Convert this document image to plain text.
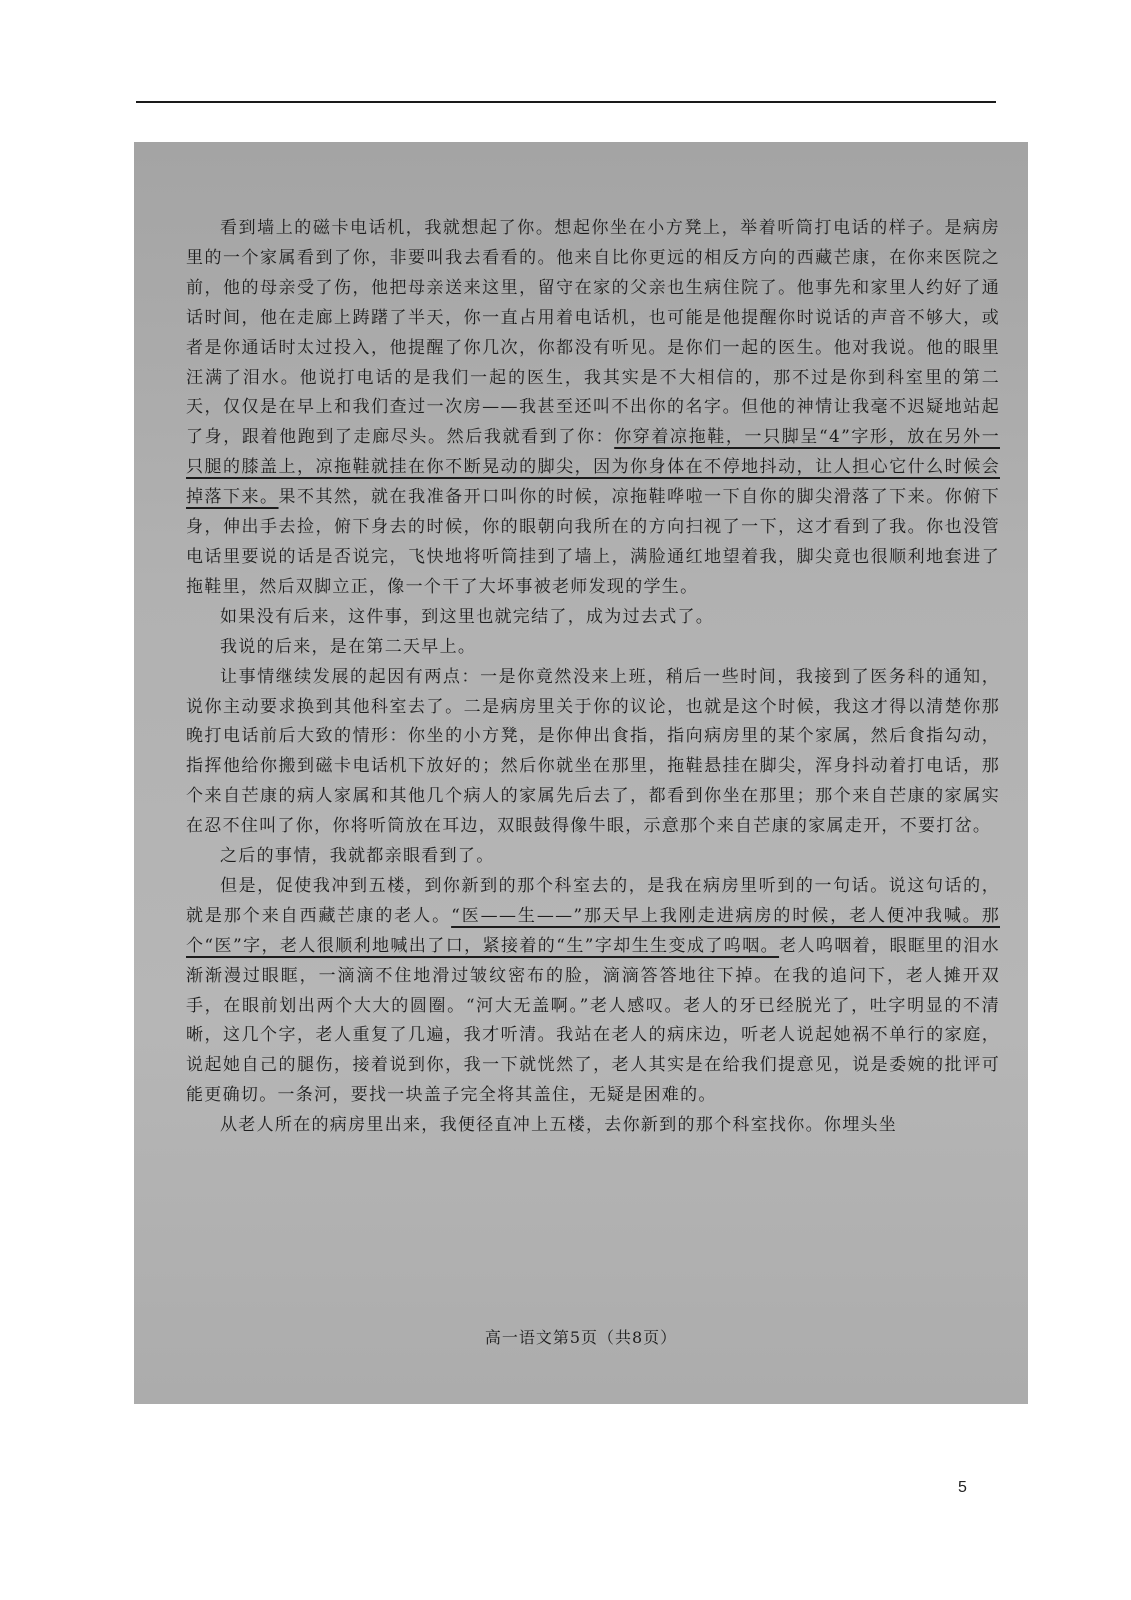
看到墙上的磁卡电话机，我就想起了你。想起你坐在小方凳上，举着听筒打电话的样子。是病房里的一个家属看到了你，非要叫我去看看的。他来自比你更远的相反方向的西藏芒康，在你来医院之前，他的母亲受了伤，他把母亲送来这里，留守在家的父亲也生病住院了。他事先和家里人约好了通话时间，他在走廊上踌躇了半天，你一直占用着电话机，也可能是他提醒你时说话的声音不够大，或者是你通话时太过投入，他提醒了你几次，你都没有听见。是你们一起的医生。他对我说。他的眼里汪满了泪水。他说打电话的是我们一起的医生，我其实是不大相信的，那不过是你到科室里的第二天，仅仅是在早上和我们查过一次房——我甚至还叫不出你的名字。但他的神情让我毫不迟疑地站起了身，跟着他跑到了走廊尽头。然后我就看到了你：你穿着凉拖鞋，一只脚呈“4”字形，放在另外一只腿的膝盖上，凉拖鞋就挂在你不断晃动的脚尖，因为你身体在不停地抖动，让人担心它什么时候会掉落下来。果不其然，就在我准备开口叫你的时候，凉拖鞋哗啦一下自你的脚尖滑落了下来。你俯下身，伸出手去捡，俯下身去的时候，你的眼朝向我所在的方向扫视了一下，这才看到了我。你也没管电话里要说的话是否说完，飞快地将听筒挂到了墙上，满脸通红地望着我，脚尖竟也很顺利地套进了拖鞋里，然后双脚立正，像一个干了大坏事被老师发现的学生。

如果没有后来，这件事，到这里也就完结了，成为过去式了。

我说的后来，是在第二天早上。

让事情继续发展的起因有两点：一是你竟然没来上班，稍后一些时间，我接到了医务科的通知，说你主动要求换到其他科室去了。二是病房里关于你的议论，也就是这个时候，我这才得以清楚你那晚打电话前后大致的情形：你坐的小方凳，是你伸出食指，指向病房里的某个家属，然后食指勾动，指挥他给你搬到磁卡电话机下放好的；然后你就坐在那里，拖鞋悬挂在脚尖，浑身抖动着打电话，那个来自芒康的病人家属和其他几个病人的家属先后去了，都看到你坐在那里；那个来自芒康的家属实在忍不住叫了你，你将听筒放在耳边，双眼鼓得像牛眼，示意那个来自芒康的家属走开，不要打岔。

之后的事情，我就都亲眼看到了。

但是，促使我冲到五楼，到你新到的那个科室去的，是我在病房里听到的一句话。说这句话的，就是那个来自西藏芒康的老人。“医——生——”那天早上我刚走进病房的时候，老人便冲我喊。那个“医”字，老人很顺利地喊出了口，紧接着的“生”字却生生变成了呜咽。老人呜咽着，眼眶里的泪水渐渐漫过眼眶，一滴滴不住地滑过皱纹密布的脸，滴滴答答地往下掉。在我的追问下，老人摊开双手，在眼前划出两个大大的圆圈。“河大无盖啊。”老人感叹。老人的牙已经脱光了，吐字明显的不清晰，这几个字，老人重复了几遍，我才听清。我站在老人的病床边，听老人说起她祸不单行的家庭，说起她自己的腿伤，接着说到你，我一下就恍然了，老人其实是在给我们提意见，说是委婉的批评可能更确切。一条河，要找一块盖子完全将其盖住，无疑是困难的。

从老人所在的病房里出来，我便径直冲上五楼，去你新到的那个科室找你。你埋头坐

高一语文第5页（共8页）
5
